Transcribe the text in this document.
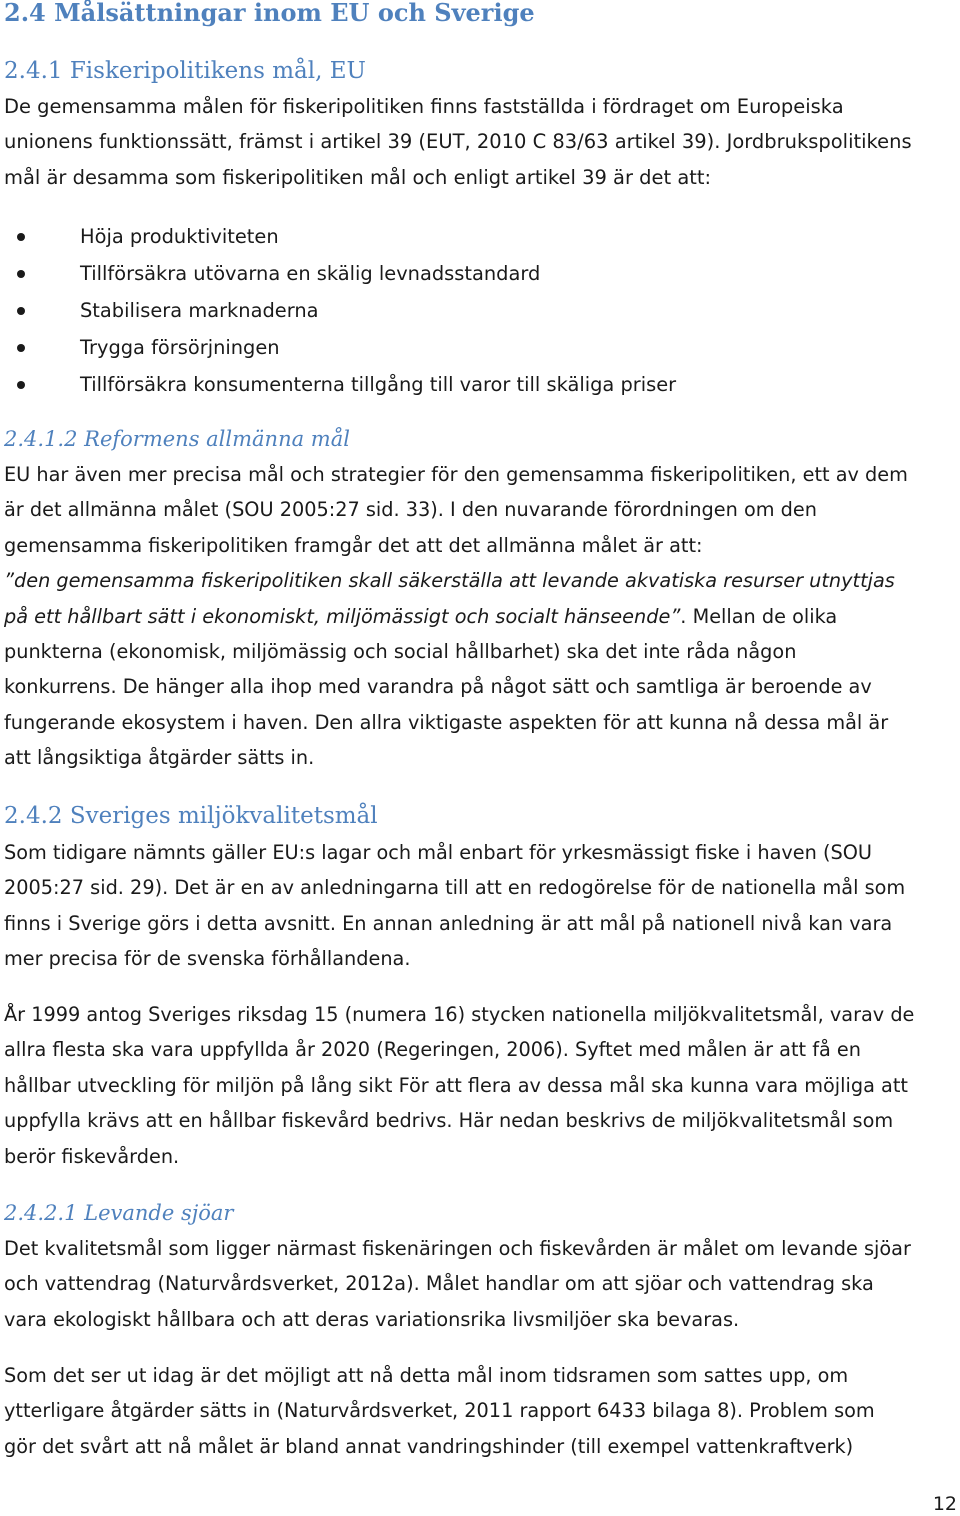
2.4 Målsättningar inom EU och Sverige
2.4.1 Fiskeripolitikens mål, EU

De gemensamma målen för fiskeripolitiken finns fastställda i fördraget om Europeiska unionens funktionssätt, främst i artikel 39 (EUT, 2010 C 83/63 artikel 39). Jordbrukspolitikens mål är desamma som fiskeripolitiken mål och enligt artikel 39 är det att:

Höja produktiviteten
Tillförsäkra utövarna en skälig levnadsstandard
Stabilisera marknaderna
Trygga försörjningen
Tillförsäkra konsumenterna tillgång till varor till skäliga priser
2.4.1.2 Reformens allmänna mål

EU har även mer precisa mål och strategier för den gemensamma fiskeripolitiken, ett av dem är det allmänna målet (SOU 2005:27 sid. 33). I den nuvarande förordningen om den gemensamma fiskeripolitiken framgår det att det allmänna målet är att: ”den gemensamma fiskeripolitiken skall säkerställa att levande akvatiska resurser utnyttjas på ett hållbart sätt i ekonomiskt, miljömässigt och socialt hänseende”. Mellan de olika punkterna (ekonomisk, miljömässig och social hållbarhet) ska det inte råda någon konkurrens. De hänger alla ihop med varandra på något sätt och samtliga är beroende av fungerande ekosystem i haven. Den allra viktigaste aspekten för att kunna nå dessa mål är att långsiktiga åtgärder sätts in.

2.4.2 Sveriges miljökvalitetsmål

Som tidigare nämnts gäller EU:s lagar och mål enbart för yrkesmässigt fiske i haven (SOU 2005:27 sid. 29). Det är en av anledningarna till att en redogörelse för de nationella mål som finns i Sverige görs i detta avsnitt. En annan anledning är att mål på nationell nivå kan vara mer precisa för de svenska förhållandena.

År 1999 antog Sveriges riksdag 15 (numera 16) stycken nationella miljökvalitetsmål, varav de allra flesta ska vara uppfyllda år 2020 (Regeringen, 2006). Syftet med målen är att få en hållbar utveckling för miljön på lång sikt För att flera av dessa mål ska kunna vara möjliga att uppfylla krävs att en hållbar fiskevård bedrivs. Här nedan beskrivs de miljökvalitetsmål som berör fiskevården.

2.4.2.1 Levande sjöar

Det kvalitetsmål som ligger närmast fiskenäringen och fiskevården är målet om levande sjöar och vattendrag (Naturvårdsverket, 2012a). Målet handlar om att sjöar och vattendrag ska vara ekologiskt hållbara och att deras variationsrika livsmiljöer ska bevaras.

Som det ser ut idag är det möjligt att nå detta mål inom tidsramen som sattes upp, om ytterligare åtgärder sätts in (Naturvårdsverket, 2011 rapport 6433 bilaga 8). Problem som gör det svårt att nå målet är bland annat vandringshinder (till exempel vattenkraftverk)

12
